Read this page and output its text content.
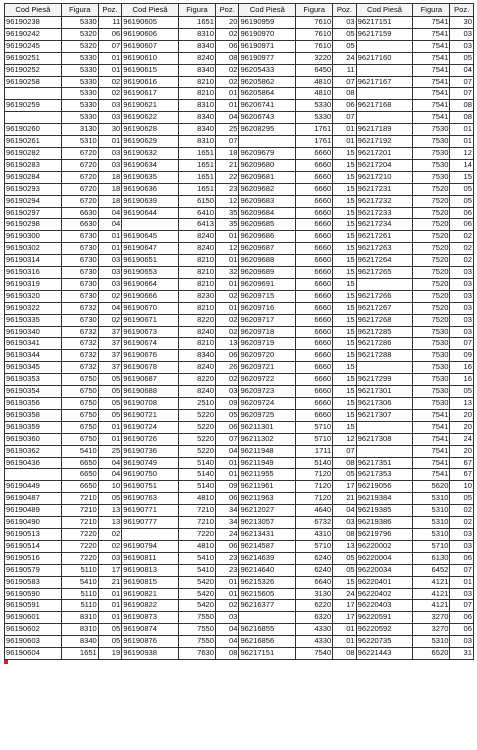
Cod Piesă	Figura	Poz.	Cod Piesă	Figura	Poz.	Cod Piesă	Figura	Poz.	Cod Piesă	Figura	Poz.
96190238	5330	11	96190605	1651	20	96190959	7610	03	96217151	7541	30
96190242	5320	06	96190606	8310	02	96190970	7610	05	96217159	7541	03
96190245	5320	07	96190607	8340	06	96190971	7610	05		7541	03
96190251	5330	01	96190610	8240	08	96190977	3220	24	96217160	7541	05
96190252	5330	01	96190615	8340	02	96205433	6450	11		7541	04
96190258	5330	02	96190616	8210	02	96205862	4810	07	96217167	7541	07
	5330	02	96190617	8210	01	96205864	4810	08		7541	07
96190259	5330	03	96190621	8310	01	96206741	5330	06	96217168	7541	08
	5330	03	96190622	8340	04	96206743	5330	07		7541	08
96190260	3130	30	96190628	8340	25	96208295	1761	01	96217189	7530	01
96190261	5310	01	96190629	8310	07		1761	01	96217192	7530	01
96190282	6720	03	96190632	1651	18	96209679	6660	15	96217201	7530	12
96190283	6720	03	96190634	1651	21	96209680	6660	15	96217204	7530	14
96190284	6720	18	96190635	1651	22	96209681	6660	15	96217210	7530	15
96190293	6720	18	96190636	1651	23	96209682	6660	15	96217231	7520	05
96190294	6720	18	96190639	6150	12	96209683	6660	15	96217232	7520	05
96190297	6630	04	96190644	6410	35	96209684	6660	15	96217233	7520	06
96190298	6630	04		6413	35	96209685	6660	15	96217234	7520	06
96190300	6730	01	96190645	8240	01	96209686	6660	15	96217261	7520	02
96190302	6730	01	96190647	8240	12	96209687	6660	15	96217263	7520	02
96190314	6730	03	96190651	8210	01	96209688	6660	15	96217264	7520	02
96190316	6730	03	96190653	8210	32	96209689	6660	15	96217265	7520	03
96190319	6730	03	96190664	8210	01	96209691	6660	15		7520	03
96190320	6730	02	96190666	8230	02	96209715	6660	15	96217266	7520	03
96190322	6732	04	96190670	8210	01	96209716	6660	15	96217267	7520	03
96190335	6730	02	96190671	8220	02	96209717	6660	15	96217268	7520	03
96190340	6732	37	96190673	8240	02	96209718	6660	15	96217285	7530	03
96190341	6732	37	96190674	8210	13	96209719	6660	15	96217286	7530	07
96190344	6732	37	96190676	8340	06	96209720	6660	15	96217288	7530	09
96190345	6732	37	96190678	8240	26	96209721	6660	15		7530	16
96190353	6750	05	96190687	8220	02	96209722	6660	15	96217299	7530	16
96190354	6750	05	96190688	8240	03	96209723	6660	15	96217301	7530	05
96190356	6750	05	96190708	2510	09	96209724	6660	15	96217306	7530	13
96190358	6750	05	96190721	5220	05	96209725	6660	15	96217307	7541	20
96190359	6750	01	96190724	5220	06	96211301	5710	15		7541	20
96190360	6750	01	96190726	5220	07	96211302	5710	12	96217308	7541	24
96190362	5410	25	96190736	5220	04	96211948	1711	07		7541	20
96190436	6650	04	96190749	5140	01	96211949	5140	08	96217351	7541	67
	6650	04	96190750	5140	01	96211955	7120	05	96217353	7541	67
96190449	6650	10	96190751	5140	09	96211961	7120	17	96219056	5620	10
96190487	7210	05	96190763	4810	06	96211963	7120	21	96219384	5310	05
96190489	7210	13	96190771	7210	34	96212027	4640	04	96219385	5310	02
96190490	7210	13	96190777	7210	34	96213057	6732	03	96219386	5310	02
96190513	7220	02		7220	24	96213431	4310	08	96219796	5310	03
96190514	7220	02	96190794	4810	06	96214587	5710	13	96220002	5710	03
96190516	7220	03	96190811	5410	23	96214639	6240	05	96220004	6130	06
96190579	5110	17	96190813	5410	23	96214640	6240	05	96220034	6452	07
96190583	5410	21	96190815	5420	01	96215326	6640	15	96220401	4121	01
96190590	5110	01	96190821	5420	01	96215605	3130	24	96220402	4121	03
96190591	5110	01	96190822	5420	02	96216377	6220	17	96220403	4121	07
96190601	8310	01	96190873	7550	03		6320	17	96220591	3270	06
96190602	8310	05	96190874	7550	04	96216855	4330	01	96220592	3270	06
96190603	8340	05	96190876	7550	04	96216856	4330	01	96220735	5310	03
96190604	1651	19	96190938	7630	08	96217151	7540	08	96221443	6520	31
